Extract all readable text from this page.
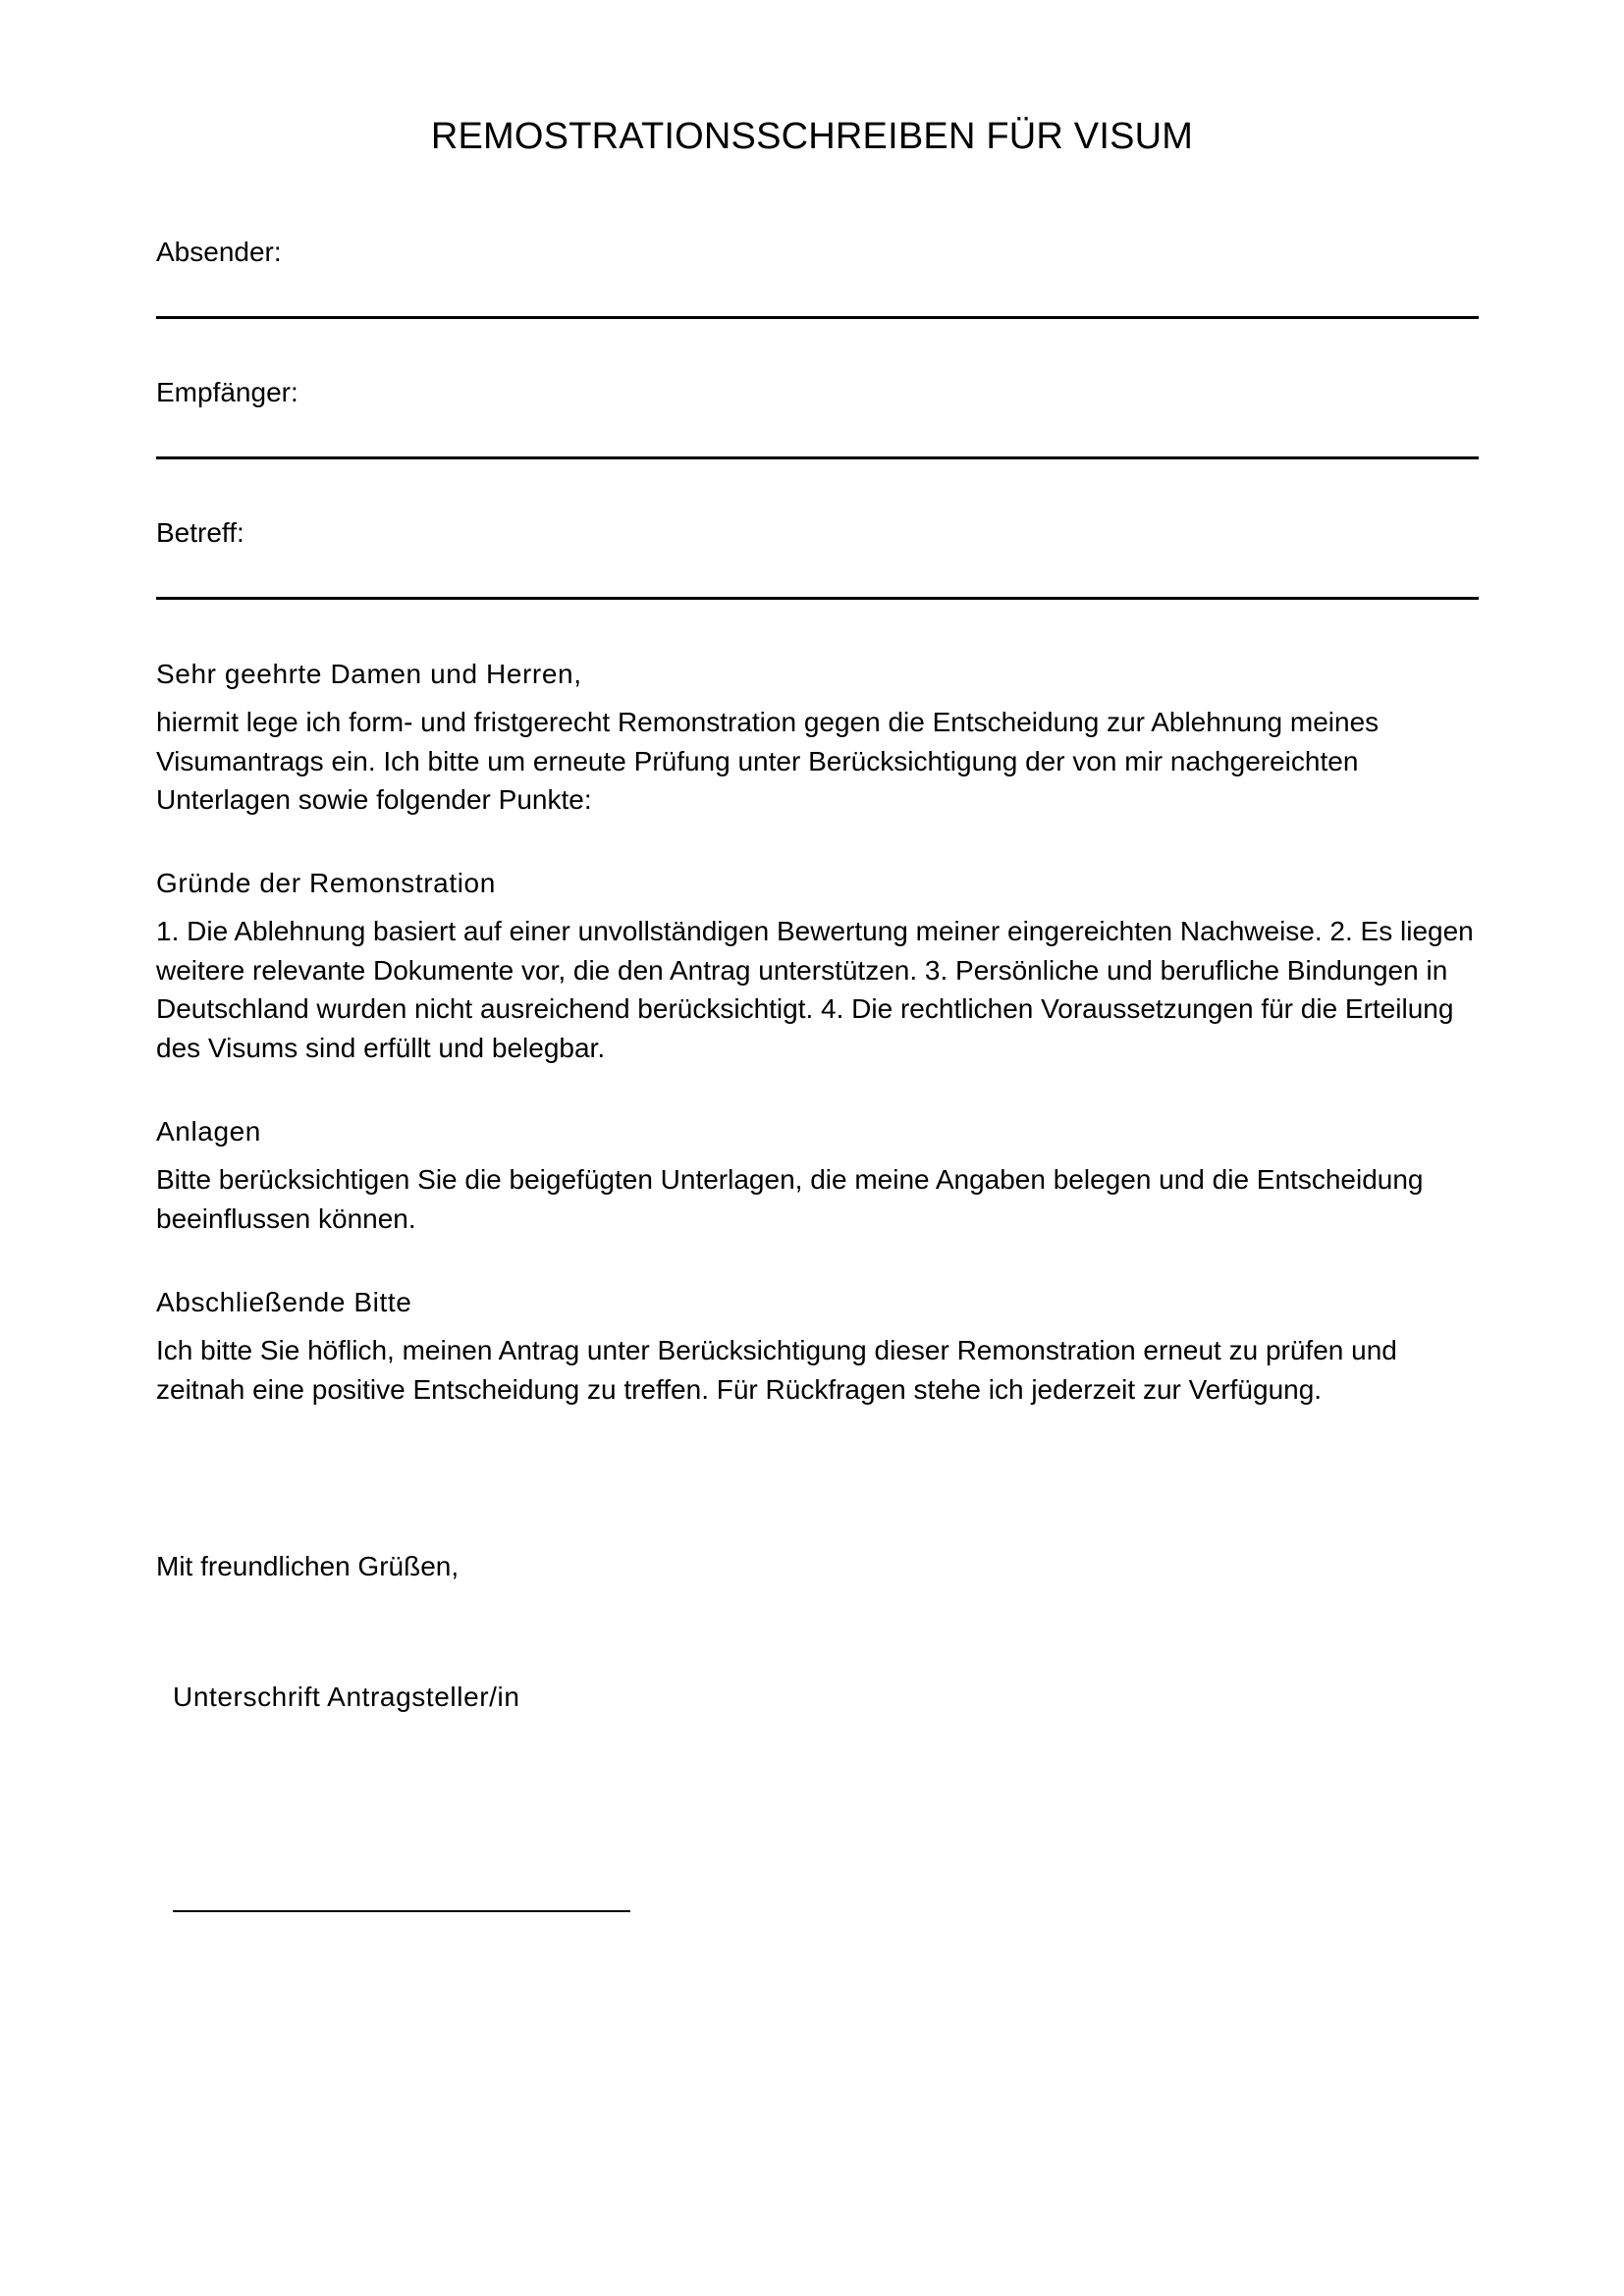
REMOSTRATIONSSCHREIBEN FÜR VISUM
Absender:
Empfänger:
Betreff:
Sehr geehrte Damen und Herren,
hiermit lege ich form- und fristgerecht Remonstration gegen die Entscheidung zur Ablehnung meines Visumantrags ein. Ich bitte um erneute Prüfung unter Berücksichtigung der von mir nachgereichten Unterlagen sowie folgender Punkte:
Gründe der Remonstration
1. Die Ablehnung basiert auf einer unvollständigen Bewertung meiner eingereichten Nachweise. 2. Es liegen weitere relevante Dokumente vor, die den Antrag unterstützen. 3. Persönliche und berufliche Bindungen in Deutschland wurden nicht ausreichend berücksichtigt. 4. Die rechtlichen Voraussetzungen für die Erteilung des Visums sind erfüllt und belegbar.
Anlagen
Bitte berücksichtigen Sie die beigefügten Unterlagen, die meine Angaben belegen und die Entscheidung beeinflussen können.
Abschließende Bitte
Ich bitte Sie höflich, meinen Antrag unter Berücksichtigung dieser Remonstration erneut zu prüfen und zeitnah eine positive Entscheidung zu treffen. Für Rückfragen stehe ich jederzeit zur Verfügung.
Mit freundlichen Grüßen,
Unterschrift Antragsteller/in
